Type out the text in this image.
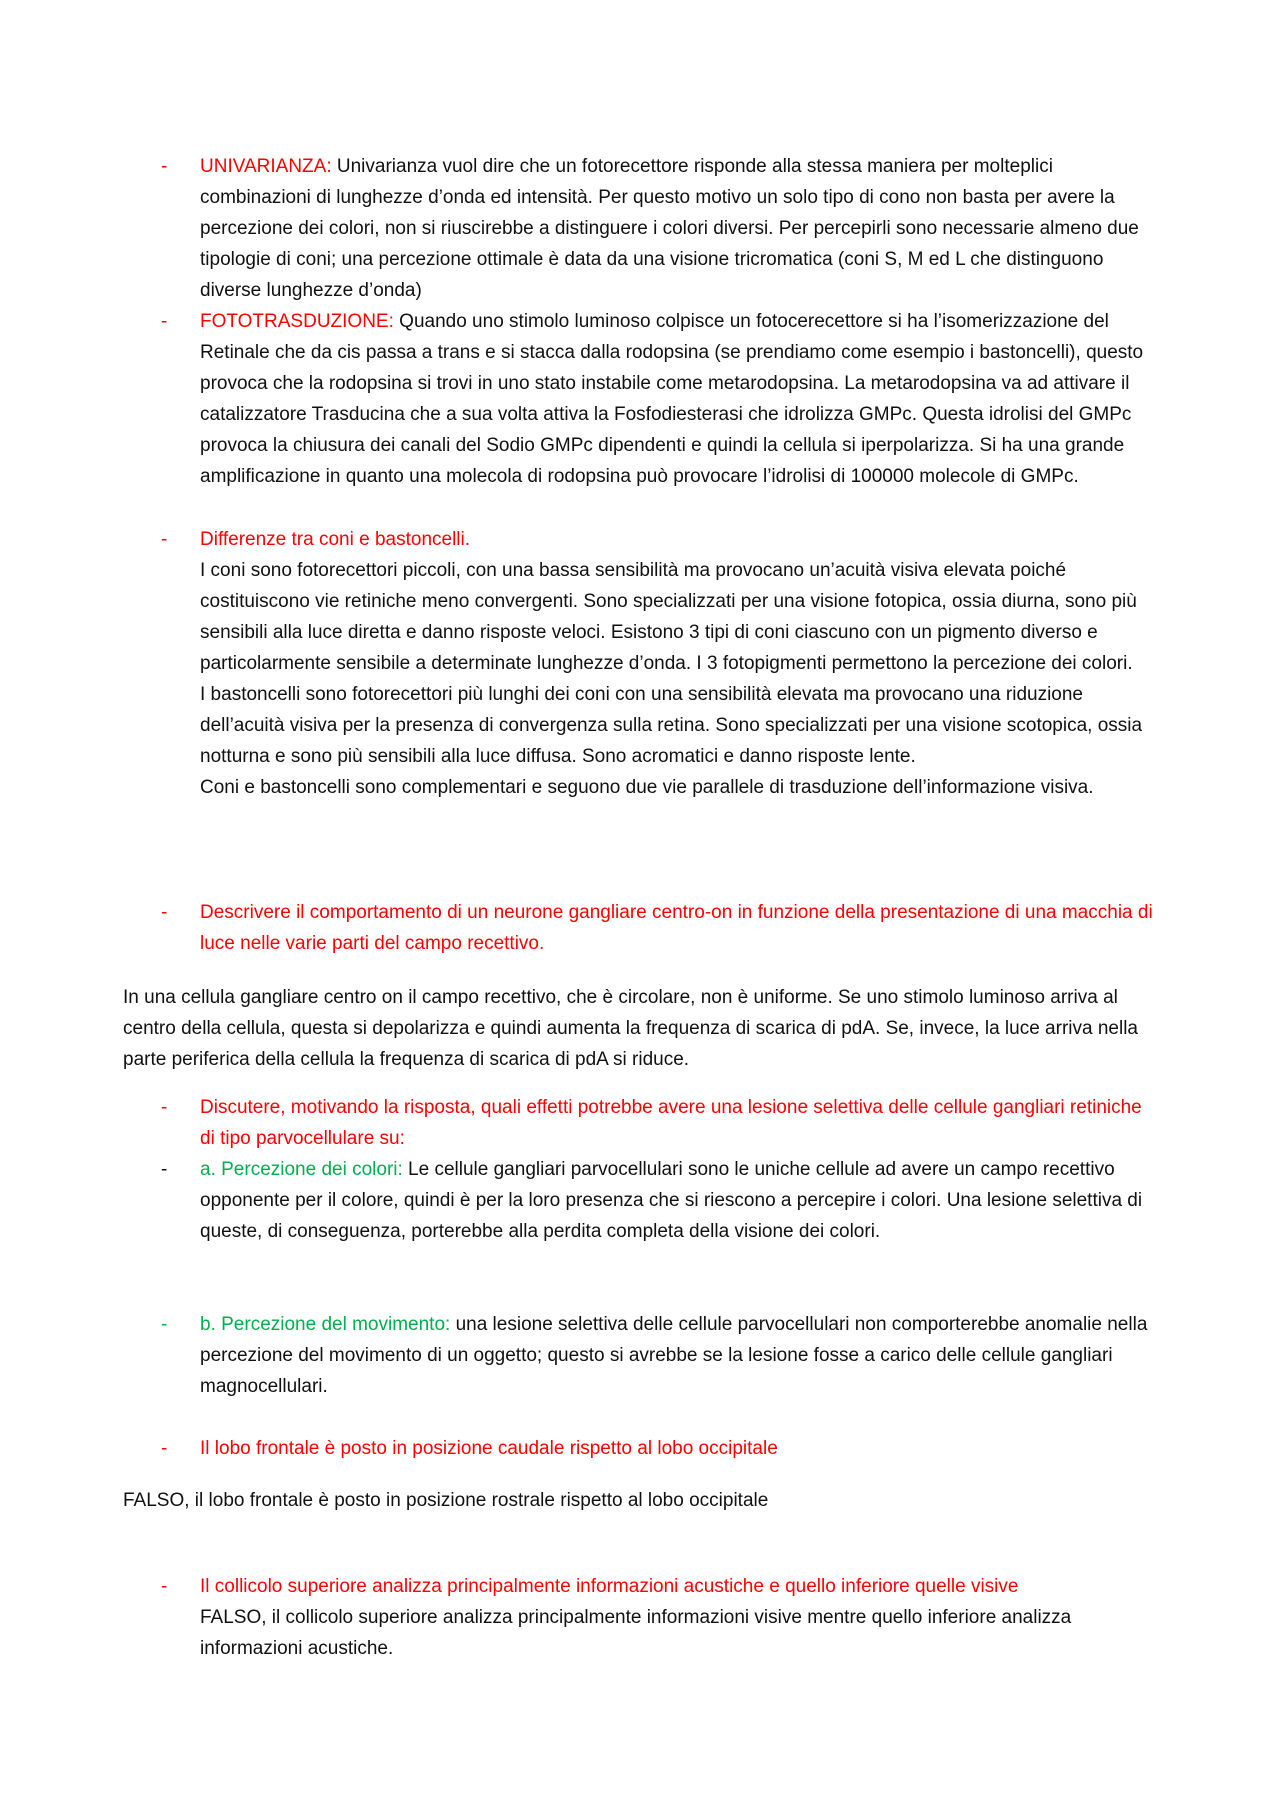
- UNIVARIANZA: Univarianza vuol dire che un fotorecettore risponde alla stessa maniera per molteplici combinazioni di lunghezze d’onda ed intensità. Per questo motivo un solo tipo di cono non basta per avere la percezione dei colori, non si riuscirebbe a distinguere i colori diversi. Per percepirli sono necessarie almeno due tipologie di coni; una percezione ottimale è data da una visione tricromatica (coni S, M ed L che distinguono diverse lunghezze d’onda)

- FOTOTRASDUZIONE: Quando uno stimolo luminoso colpisce un fotocerecettore si ha l’isomerizzazione del Retinale che da cis passa a trans e si stacca dalla rodopsina (se prendiamo come esempio i bastoncelli), questo provoca che la rodopsina si trovi in uno stato instabile come metarodopsina. La metarodopsina va ad attivare il catalizzatore Trasducina che a sua volta attiva la Fosfodiesterasi che idrolizza GMPc. Questa idrolisi del GMPc provoca la chiusura dei canali del Sodio GMPc dipendenti e quindi la cellula si iperpolarizza. Si ha una grande amplificazione in quanto una molecola di rodopsina può provocare l’idrolisi di 100000 molecole di GMPc.

- Differenze tra coni e bastoncelli.

I coni sono fotorecettori piccoli, con una bassa sensibilità ma provocano un’acuità visiva elevata poiché costituiscono vie retiniche meno convergenti. Sono specializzati per una visione fotopica, ossia diurna, sono più sensibili alla luce diretta e danno risposte veloci. Esistono 3 tipi di coni ciascuno con un pigmento diverso e particolarmente sensibile a determinate lunghezze d’onda. I 3 fotopigmenti permettono la percezione dei colori.

I bastoncelli sono fotorecettori più lunghi dei coni con una sensibilità elevata ma provocano una riduzione dell’acuità visiva per la presenza di convergenza sulla retina. Sono specializzati per una visione scotopica, ossia notturna e sono più sensibili alla luce diffusa. Sono acromatici e danno risposte lente.

Coni e bastoncelli sono complementari e seguono due vie parallele di trasduzione dell’informazione visiva.

- Descrivere il comportamento di un neurone gangliare centro-on in funzione della presentazione di una macchia di luce nelle varie parti del campo recettivo.

In una cellula gangliare centro on il campo recettivo, che è circolare, non è uniforme. Se uno stimolo luminoso arriva al centro della cellula, questa si depolarizza e quindi aumenta la frequenza di scarica di pdA. Se, invece, la luce arriva nella parte periferica della cellula la frequenza di scarica di pdA si riduce.

- Discutere, motivando la risposta, quali effetti potrebbe avere una lesione selettiva delle cellule gangliari retiniche di tipo parvocellulare su:

- a. Percezione dei colori: Le cellule gangliari parvocellulari sono le uniche cellule ad avere un campo recettivo opponente per il colore, quindi è per la loro presenza che si riescono a percepire i colori. Una lesione selettiva di queste, di conseguenza, porterebbe alla perdita completa della visione dei colori.

- b. Percezione del movimento: una lesione selettiva delle cellule parvocellulari non comporterebbe anomalie nella percezione del movimento di un oggetto; questo si avrebbe se la lesione fosse a carico delle cellule gangliari magnocellulari.

- Il lobo frontale è posto in posizione caudale rispetto al lobo occipitale

FALSO, il lobo frontale è posto in posizione rostrale rispetto al lobo occipitale

- Il collicolo superiore analizza principalmente informazioni acustiche e quello inferiore quelle visive

FALSO, il collicolo superiore analizza principalmente informazioni visive mentre quello inferiore analizza informazioni acustiche.
